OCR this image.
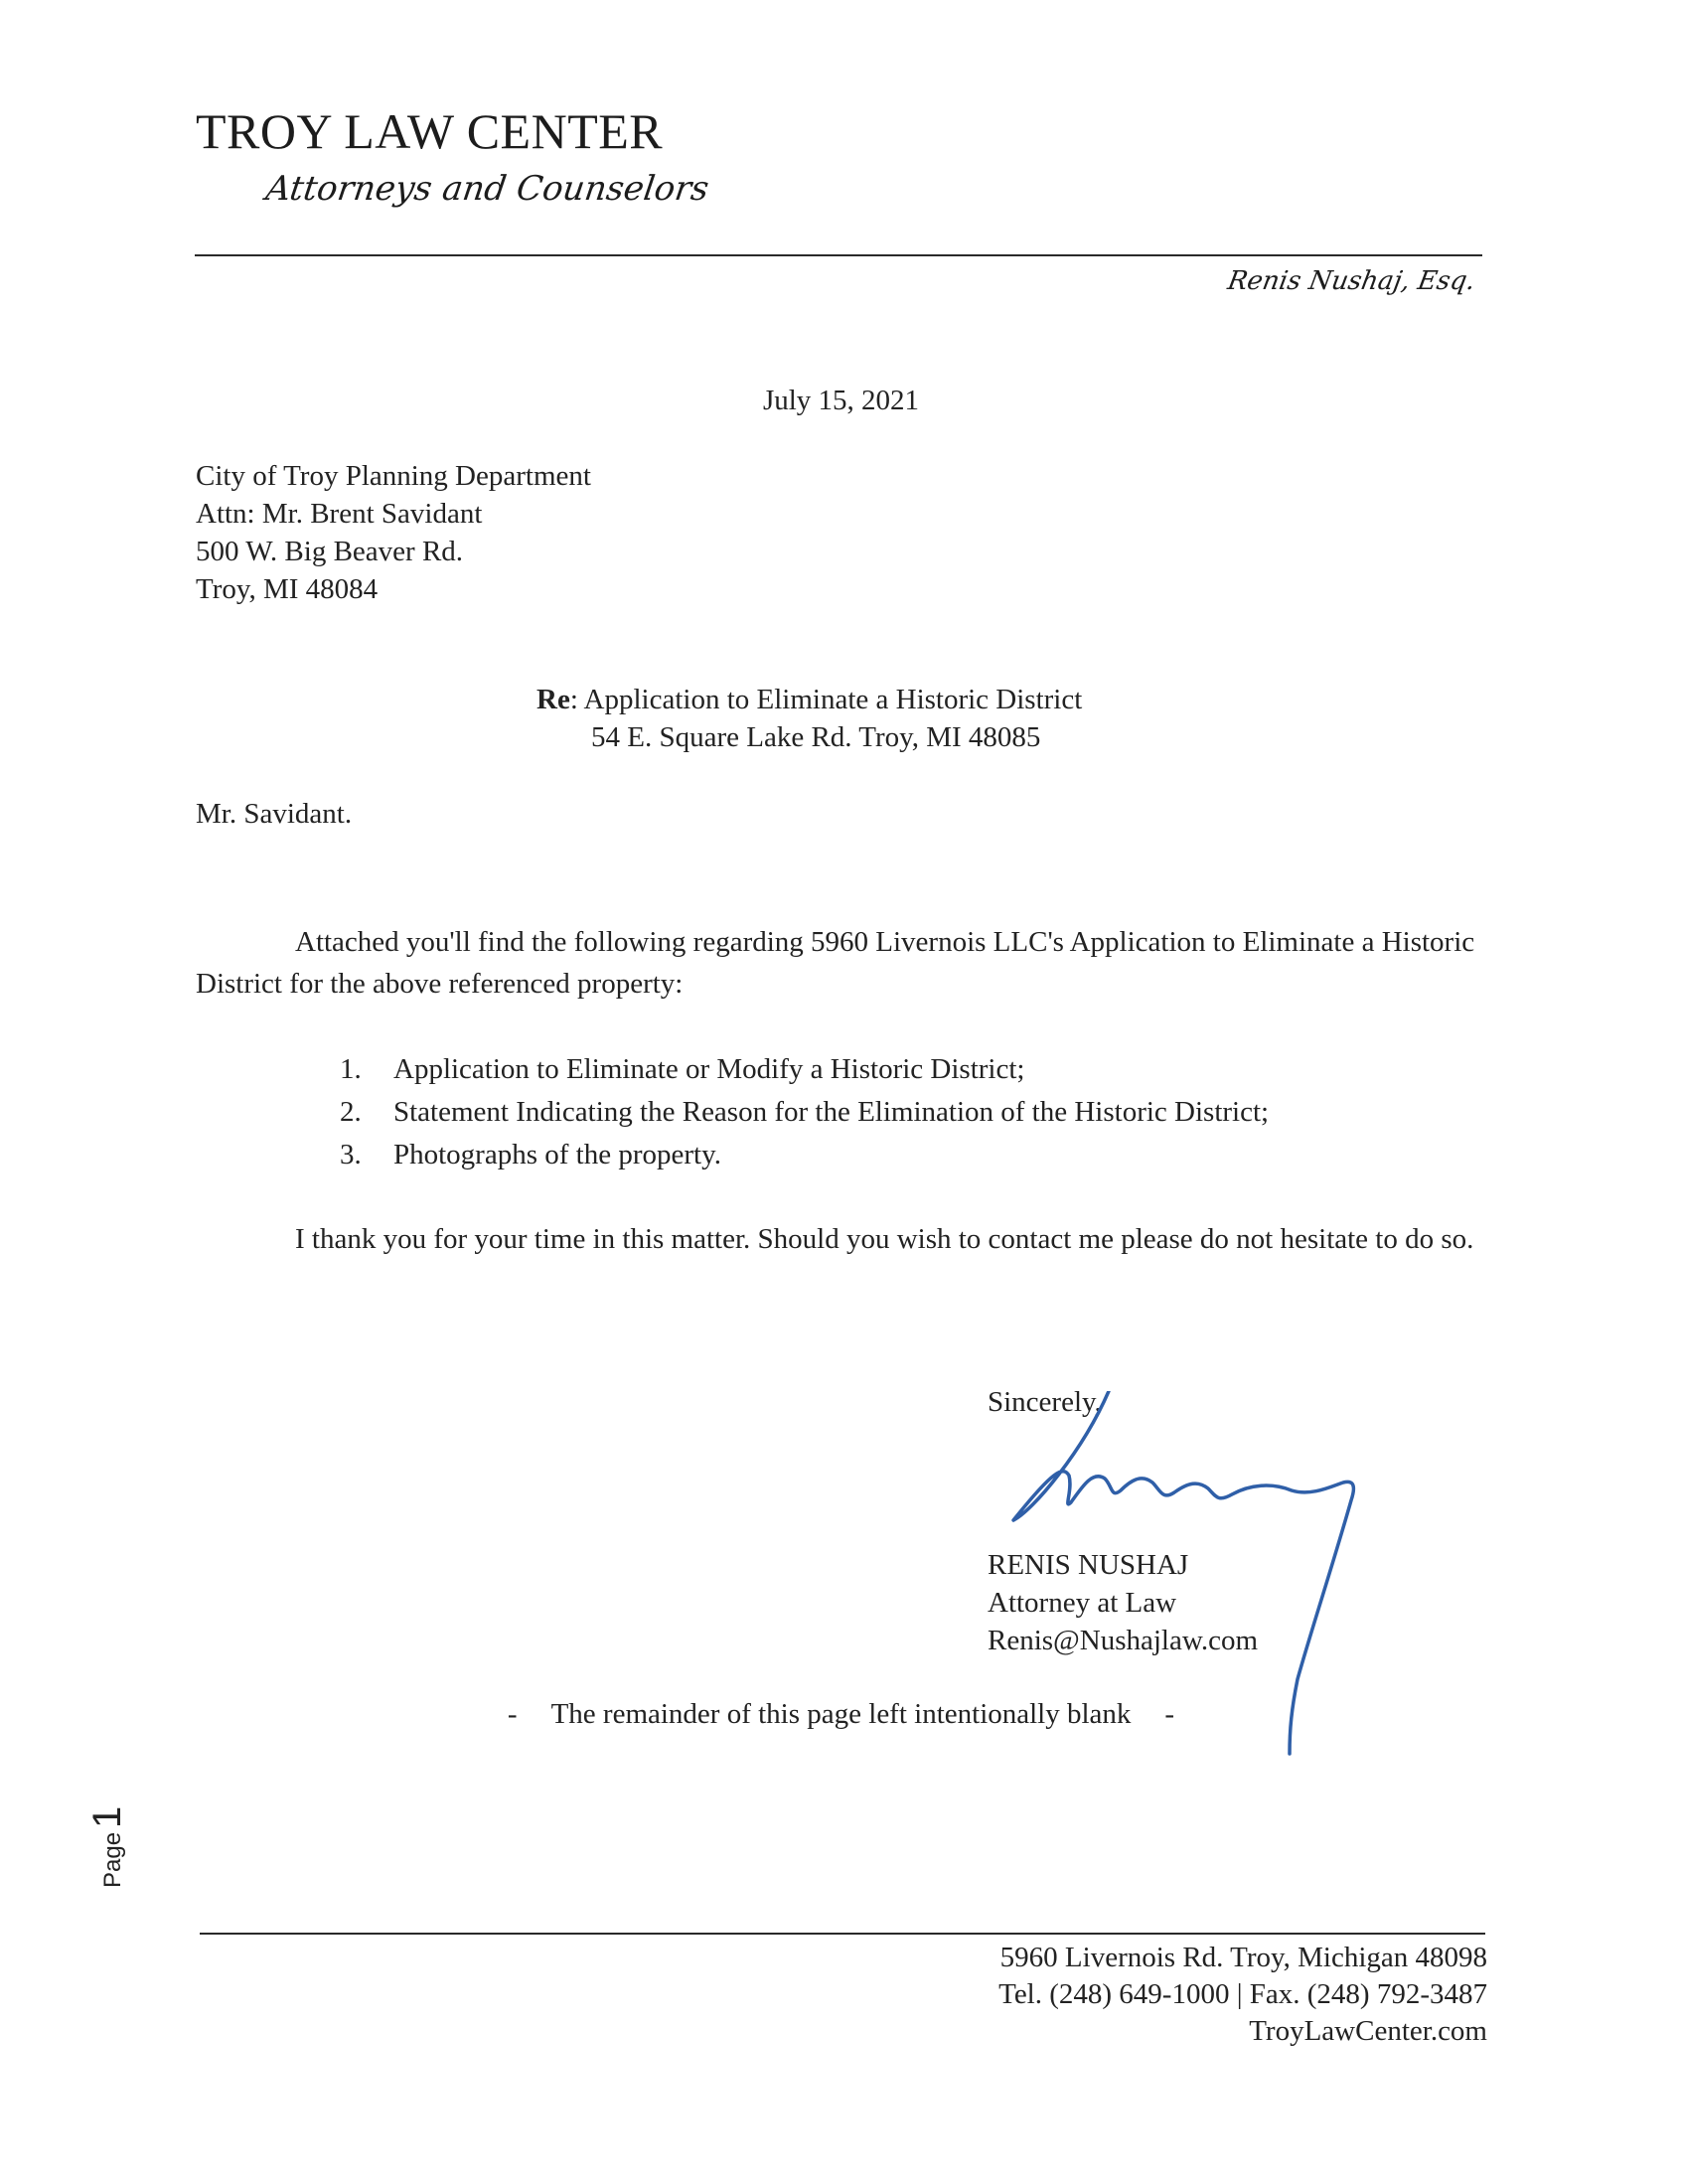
TROY LAW CENTER
Attorneys and Counselors
Renis Nushaj, Esq.
July 15, 2021
City of Troy Planning Department
Attn: Mr. Brent Savidant
500 W. Big Beaver Rd.
Troy, MI 48084
Re: Application to Eliminate a Historic District
54 E. Square Lake Rd. Troy, MI 48085
Mr. Savidant.
Attached you'll find the following regarding 5960 Livernois LLC's Application to Eliminate a Historic District for the above referenced property:
1.	Application to Eliminate or Modify a Historic District;
2.	Statement Indicating the Reason for the Elimination of the Historic District;
3.	Photographs of the property.
I thank you for your time in this matter. Should you wish to contact me please do not hesitate to do so.
Sincerely,
RENIS NUSHAJ
Attorney at Law
Renis@Nushajlaw.com
- The remainder of this page left intentionally blank -
Page1
5960 Livernois Rd. Troy, Michigan 48098
Tel. (248) 649-1000 | Fax. (248) 792-3487
TroyLawCenter.com
